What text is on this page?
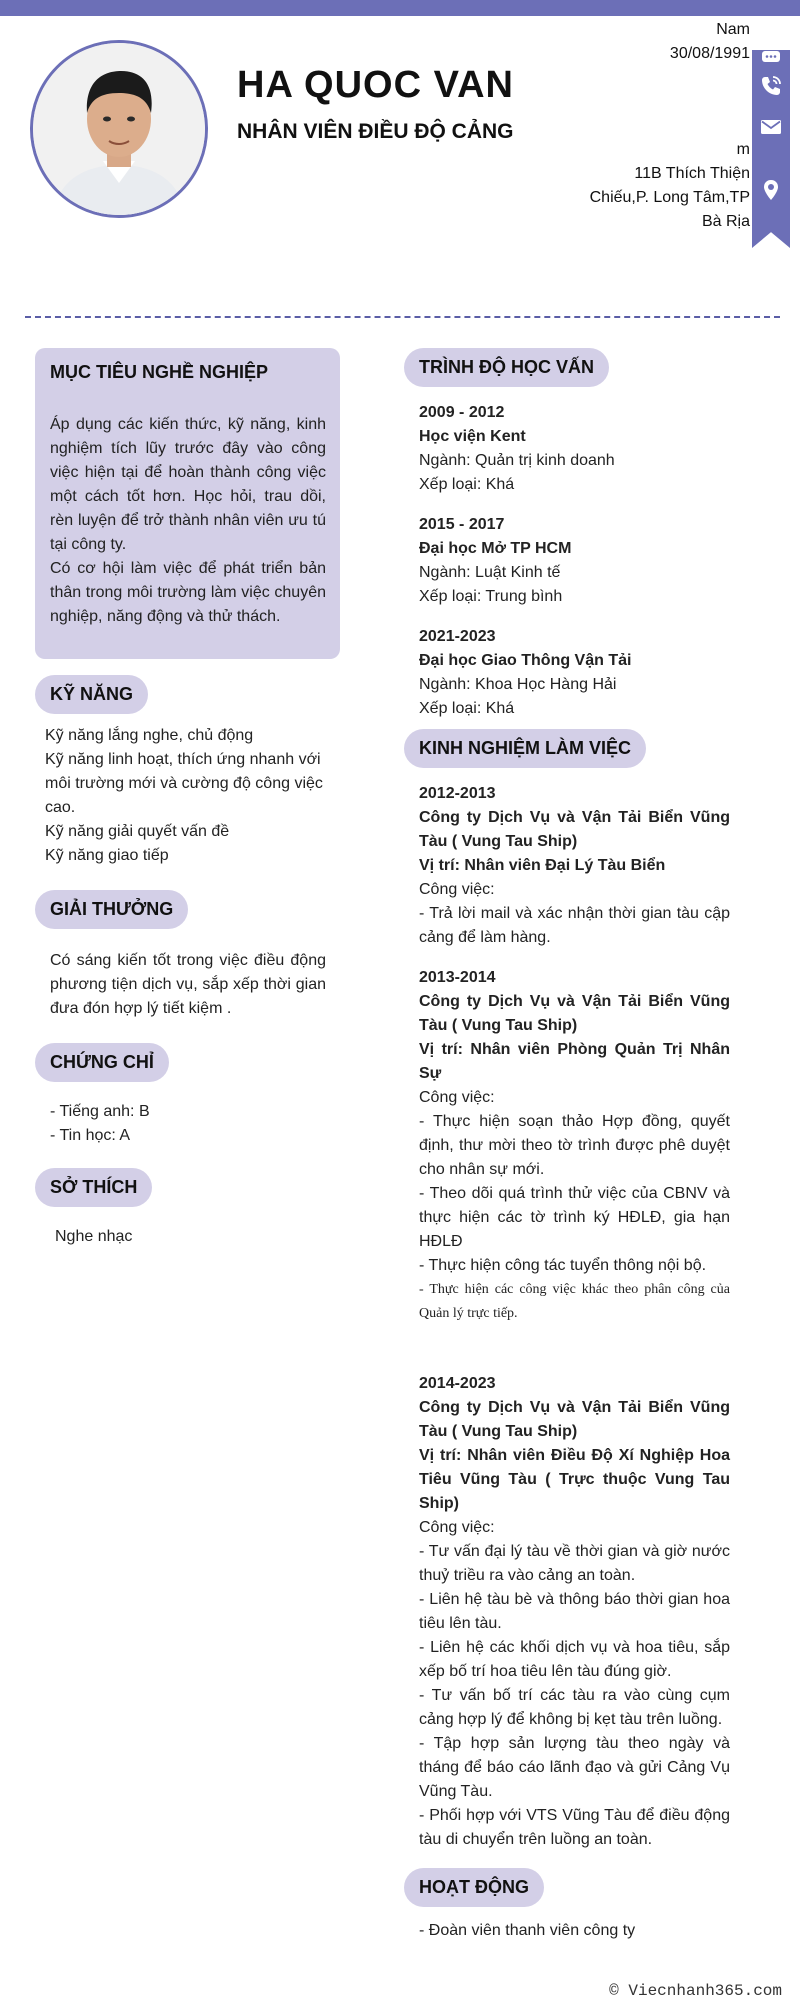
HA QUOC VAN
NHÂN VIÊN ĐIỀU ĐỘ CẢNG
Nam
30/08/1991
m
11B Thích Thiện
Chiếu,P. Long Tâm,TP
Bà Rịa
MỤC TIÊU NGHỀ NGHIỆP

Áp dụng các kiến thức, kỹ năng, kinh nghiệm tích lũy trước đây vào công việc hiện tại để hoàn thành công việc một cách tốt hơn. Học hỏi, trau dồi, rèn luyện để trở thành nhân viên ưu tú tại công ty.

Có cơ hội làm việc để phát triển bản thân trong môi trường làm việc chuyên nghiệp, năng động và thử thách.

KỸ NĂNG
Kỹ năng lắng nghe, chủ động
Kỹ năng linh hoạt, thích ứng nhanh với môi trường mới và cường độ công việc cao.
Kỹ năng giải quyết vấn đề
Kỹ năng giao tiếp
GIẢI THƯỞNG
Có sáng kiến tốt trong việc điều động phương tiện dịch vụ, sắp xếp thời gian đưa đón hợp lý tiết kiệm .
CHỨNG CHỈ
- Tiếng anh: B
- Tin học: A
SỞ THÍCH
Nghe nhạc
TRÌNH ĐỘ HỌC VẤN
2009 - 2012
Học viện Kent
Ngành: Quản trị kinh doanh
Xếp loại: Khá
2015 - 2017
Đại học Mở TP HCM
Ngành: Luật Kinh tế
Xếp loại: Trung bình
2021-2023
Đại học Giao Thông Vận Tải
Ngành: Khoa Học Hàng Hải
Xếp loại: Khá
KINH NGHIỆM LÀM VIỆC
2012-2013
Công ty Dịch Vụ và Vận Tải Biển Vũng Tàu ( Vung Tau Ship)
Vị trí: Nhân viên Đại Lý Tàu Biển
Công việc:
- Trả lời mail và xác nhận thời gian tàu cập cảng để làm hàng.
2013-2014
Công ty Dịch Vụ và Vận Tải Biển Vũng Tàu ( Vung Tau Ship)
Vị trí: Nhân viên Phòng Quản Trị Nhân Sự
Công việc:
- Thực hiện soạn thảo Hợp đồng, quyết định, thư mời theo tờ trình được phê duyệt cho nhân sự mới.
- Theo dõi quá trình thử việc của CBNV và thực hiện các tờ trình ký HĐLĐ, gia hạn HĐLĐ
- Thực hiện công tác tuyển thông nội bộ.
- Thực hiện các công việc khác theo phân công của Quản lý trực tiếp.
2014-2023
Công ty Dịch Vụ và Vận Tải Biển Vũng Tàu ( Vung Tau Ship)
Vị trí: Nhân viên Điều Độ Xí Nghiệp Hoa Tiêu Vũng Tàu ( Trực thuộc Vung Tau Ship)
Công việc:
- Tư vấn đại lý tàu về thời gian và giờ nước thuỷ triều ra vào cảng an toàn.
- Liên hệ tàu bè và thông báo thời gian hoa tiêu lên tàu.
- Liên hệ các khối dịch vụ và hoa tiêu, sắp xếp bố trí hoa tiêu lên tàu đúng giờ.
- Tư vấn bố trí các tàu ra vào cùng cụm cảng hợp lý để không bị kẹt tàu trên luồng.
- Tập hợp sản lượng tàu theo ngày và tháng để báo cáo lãnh đạo và gửi Cảng Vụ Vũng Tàu.
- Phối hợp với VTS Vũng Tàu để điều động tàu di chuyển trên luồng an toàn.
HOẠT ĐỘNG
- Đoàn viên thanh viên công ty
© Viecnhanh365.com
